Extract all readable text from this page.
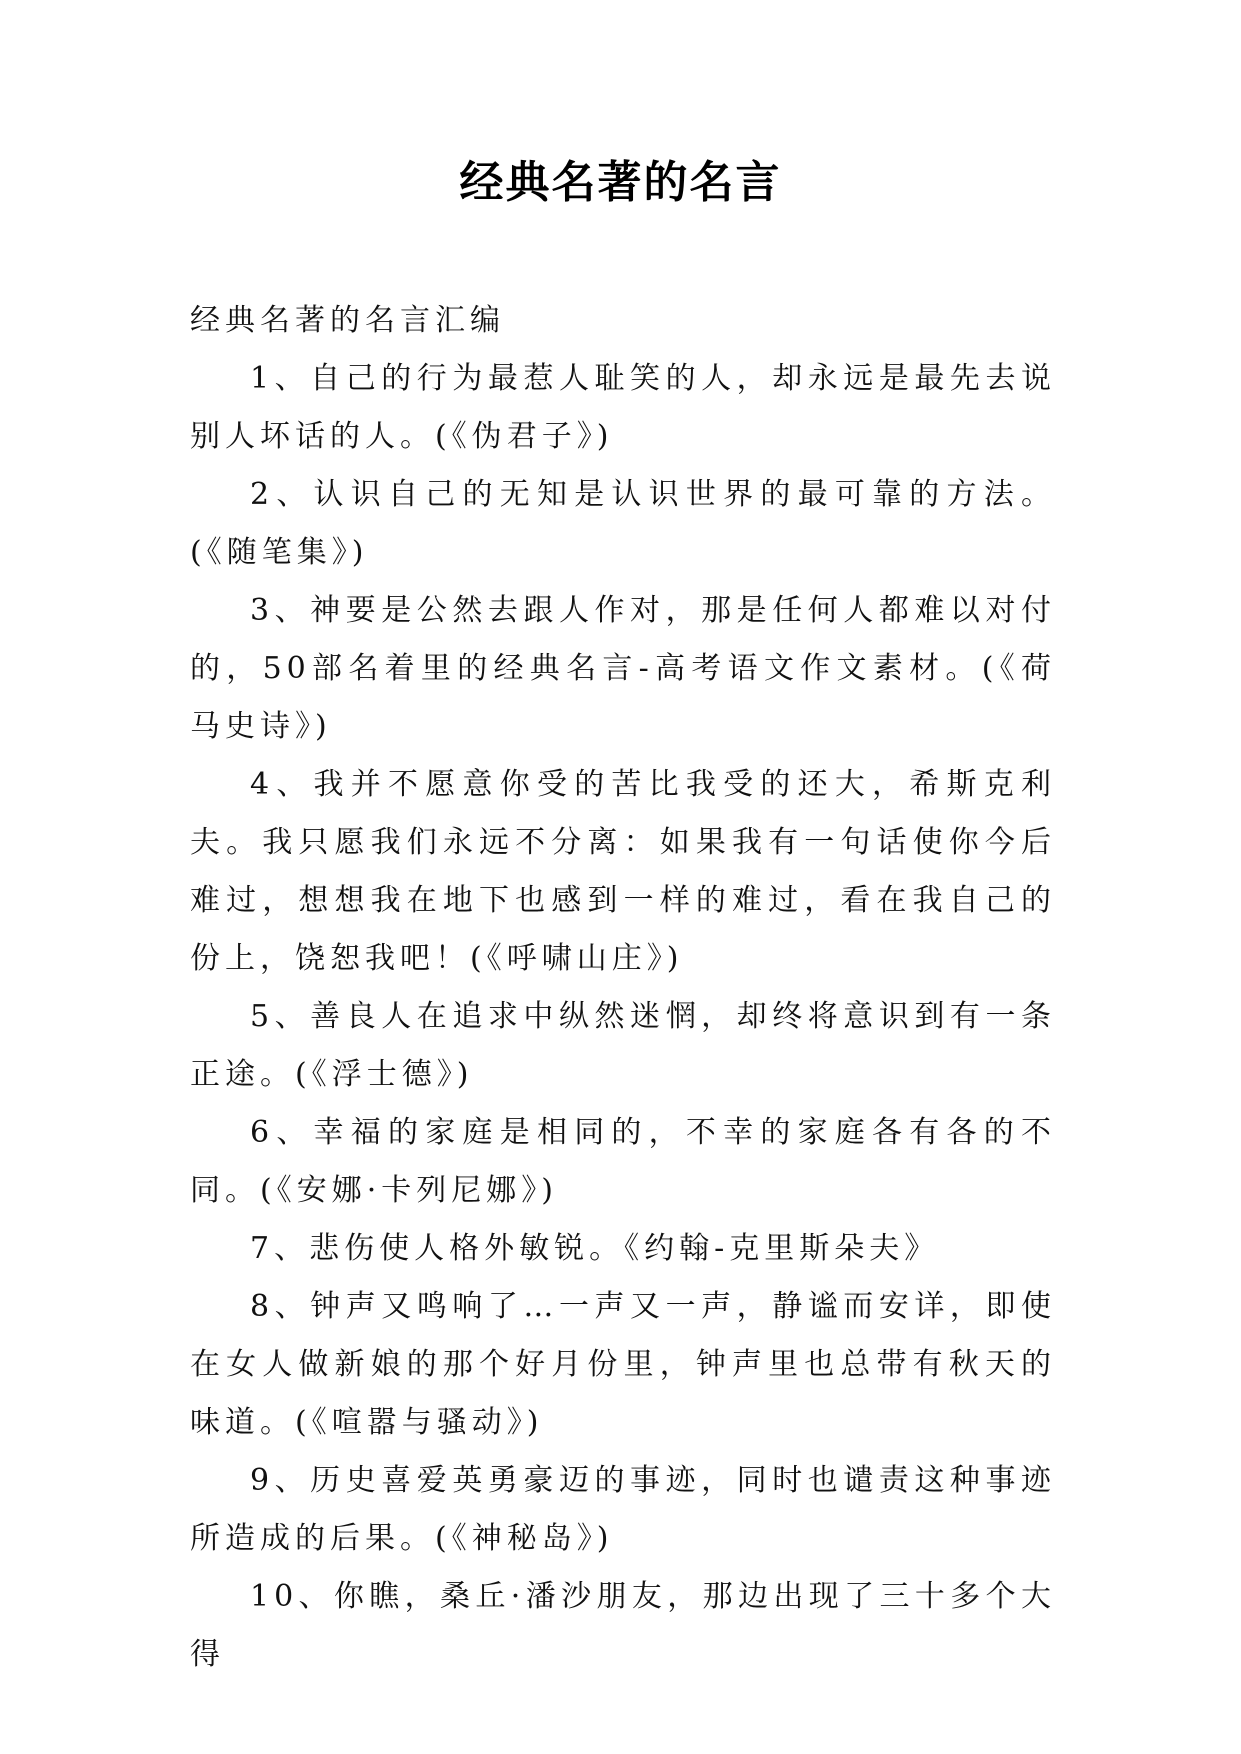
经典名著的名言

经典名著的名言汇编

1、自己的行为最惹人耻笑的人，却永远是最先去说别人坏话的人。(《伪君子》)

2、认识自己的无知是认识世界的最可靠的方法。(《随笔集》)

3、神要是公然去跟人作对，那是任何人都难以对付的，50部名着里的经典名言-高考语文作文素材。(《荷马史诗》)

4、我并不愿意你受的苦比我受的还大，希斯克利夫。我只愿我们永远不分离：如果我有一句话使你今后难过，想想我在地下也感到一样的难过，看在我自己的份上，饶恕我吧！(《呼啸山庄》)

5、善良人在追求中纵然迷惘，却终将意识到有一条正途。(《浮士德》)

6、幸福的家庭是相同的，不幸的家庭各有各的不同。(《安娜·卡列尼娜》)

7、悲伤使人格外敏锐。《约翰-克里斯朵夫》

8、钟声又鸣响了…一声又一声，静谧而安详，即使在女人做新娘的那个好月份里，钟声里也总带有秋天的味道。(《喧嚣与骚动》)

9、历史喜爱英勇豪迈的事迹，同时也谴责这种事迹所造成的后果。(《神秘岛》)

10、你瞧，桑丘·潘沙朋友，那边出现了三十多个大得
